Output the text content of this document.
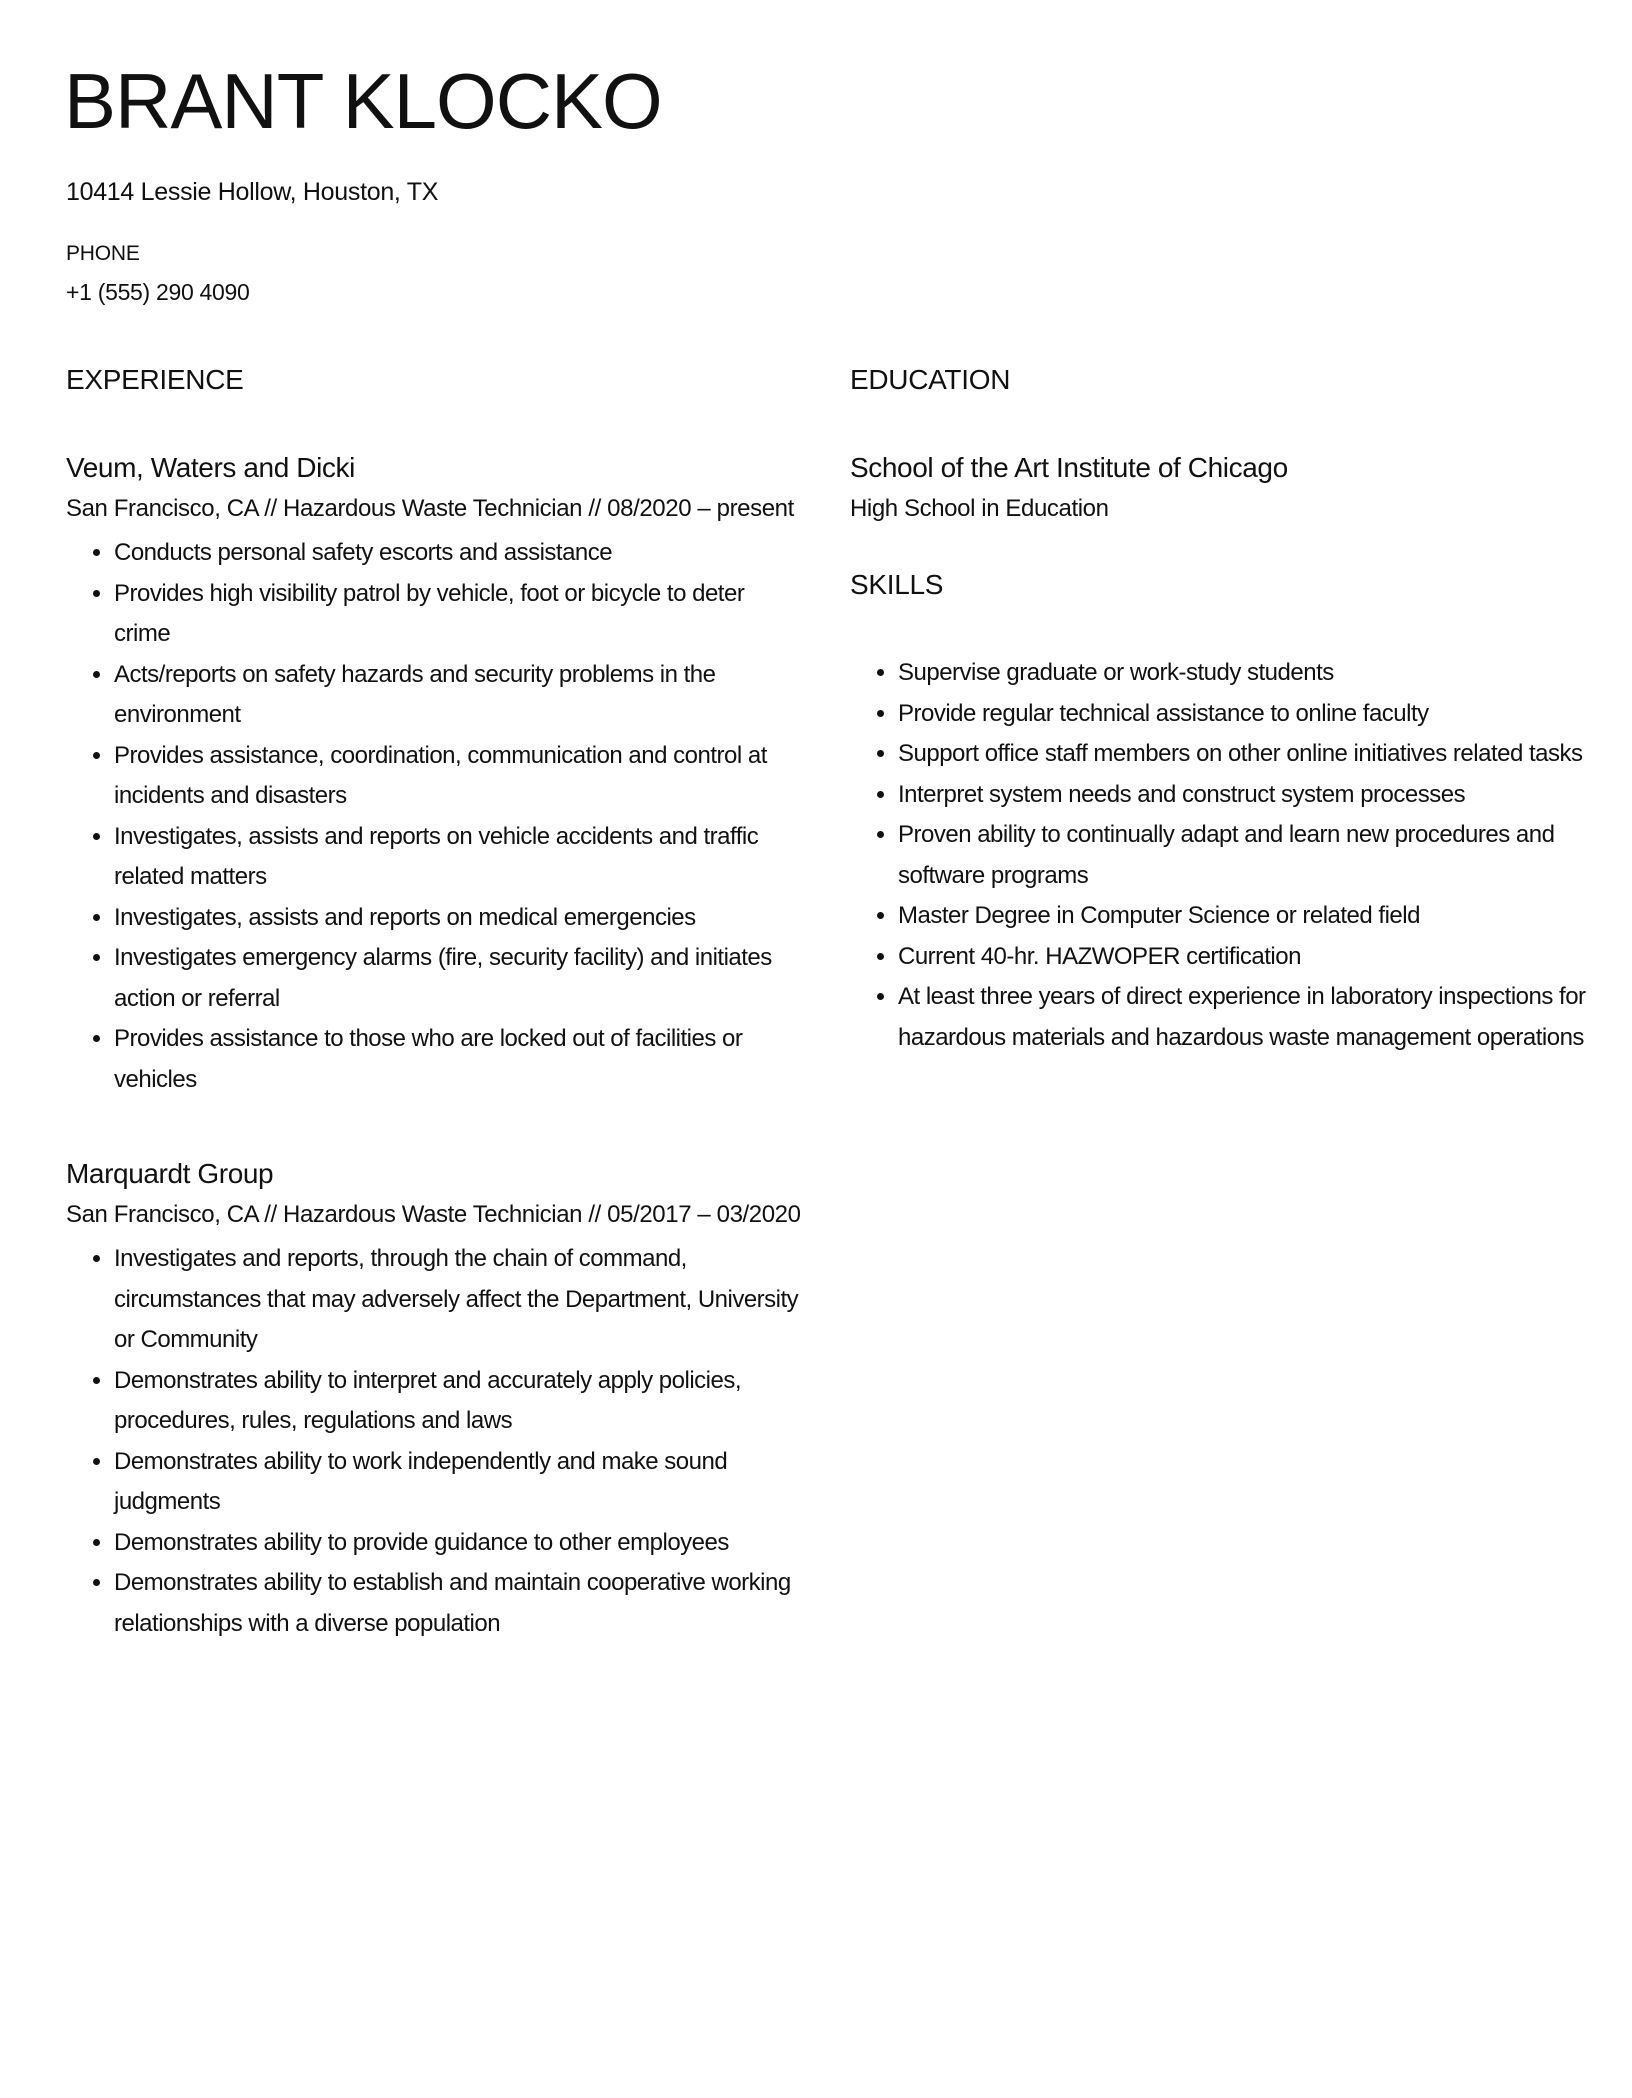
BRANT KLOCKO
10414 Lessie Hollow, Houston, TX
PHONE
+1 (555) 290 4090
EXPERIENCE
Veum, Waters and Dicki
San Francisco, CA // Hazardous Waste Technician // 08/2020 – present
• Conducts personal safety escorts and assistance
• Provides high visibility patrol by vehicle, foot or bicycle to deter crime
• Acts/reports on safety hazards and security problems in the environment
• Provides assistance, coordination, communication and control at incidents and disasters
• Investigates, assists and reports on vehicle accidents and traffic related matters
• Investigates, assists and reports on medical emergencies
• Investigates emergency alarms (fire, security facility) and initiates action or referral
• Provides assistance to those who are locked out of facilities or vehicles
Marquardt Group
San Francisco, CA // Hazardous Waste Technician // 05/2017 – 03/2020
• Investigates and reports, through the chain of command, circumstances that may adversely affect the Department, University or Community
• Demonstrates ability to interpret and accurately apply policies, procedures, rules, regulations and laws
• Demonstrates ability to work independently and make sound judgments
• Demonstrates ability to provide guidance to other employees
• Demonstrates ability to establish and maintain cooperative working relationships with a diverse population
EDUCATION
School of the Art Institute of Chicago
High School in Education
SKILLS
• Supervise graduate or work-study students
• Provide regular technical assistance to online faculty
• Support office staff members on other online initiatives related tasks
• Interpret system needs and construct system processes
• Proven ability to continually adapt and learn new procedures and software programs
• Master Degree in Computer Science or related field
• Current 40-hr. HAZWOPER certification
• At least three years of direct experience in laboratory inspections for hazardous materials and hazardous waste management operations
